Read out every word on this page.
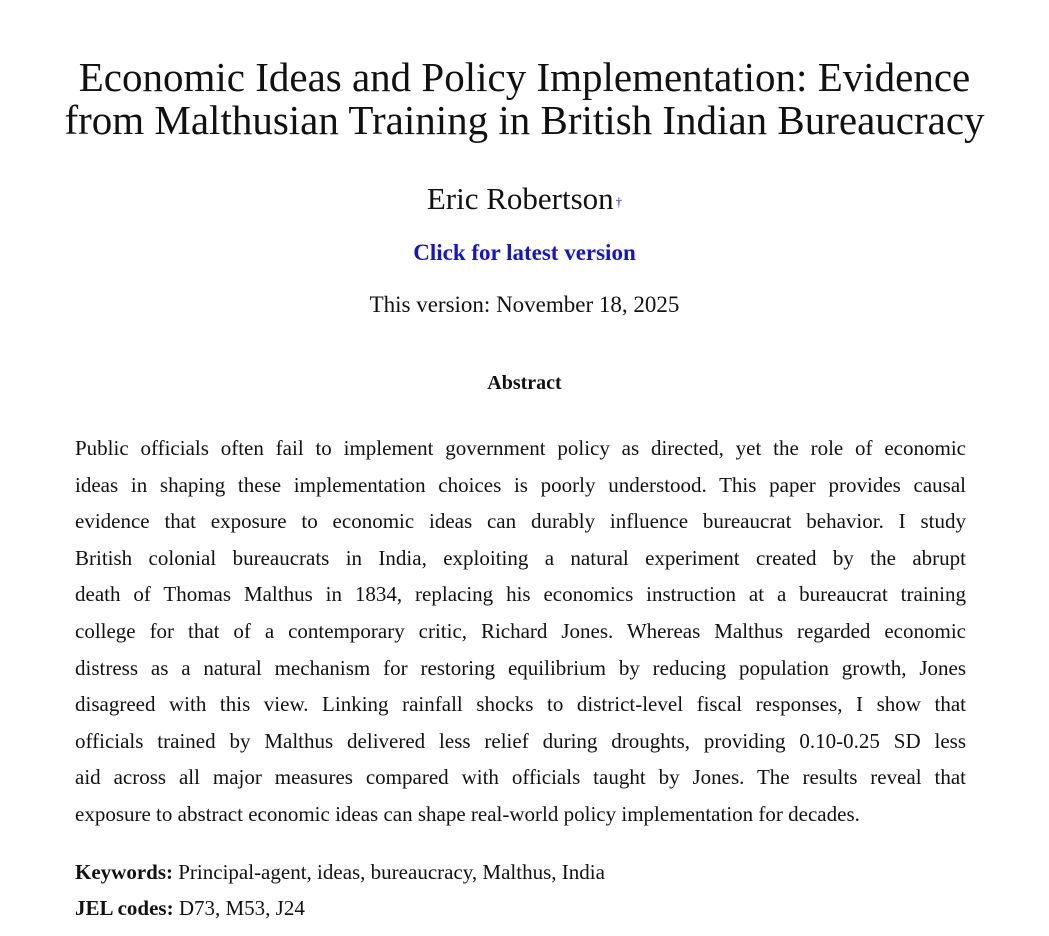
Economic Ideas and Policy Implementation: Evidence
from Malthusian Training in British Indian Bureaucracy
Eric Robertson †
Click for latest version
This version: November 18, 2025
Abstract
Public officials often fail to implement government policy as directed, yet the role of economic
ideas in shaping these implementation choices is poorly understood. This paper provides causal
evidence that exposure to economic ideas can durably influence bureaucrat behavior. I study
British colonial bureaucrats in India, exploiting a natural experiment created by the abrupt
death of Thomas Malthus in 1834, replacing his economics instruction at a bureaucrat training
college for that of a contemporary critic, Richard Jones. Whereas Malthus regarded economic
distress as a natural mechanism for restoring equilibrium by reducing population growth, Jones
disagreed with this view. Linking rainfall shocks to district-level fiscal responses, I show that
officials trained by Malthus delivered less relief during droughts, providing 0.10-0.25 SD less
aid across all major measures compared with officials taught by Jones. The results reveal that
exposure to abstract economic ideas can shape real-world policy implementation for decades.
Keywords: Principal-agent, ideas, bureaucracy, Malthus, India
JEL codes: D73, M53, J24
